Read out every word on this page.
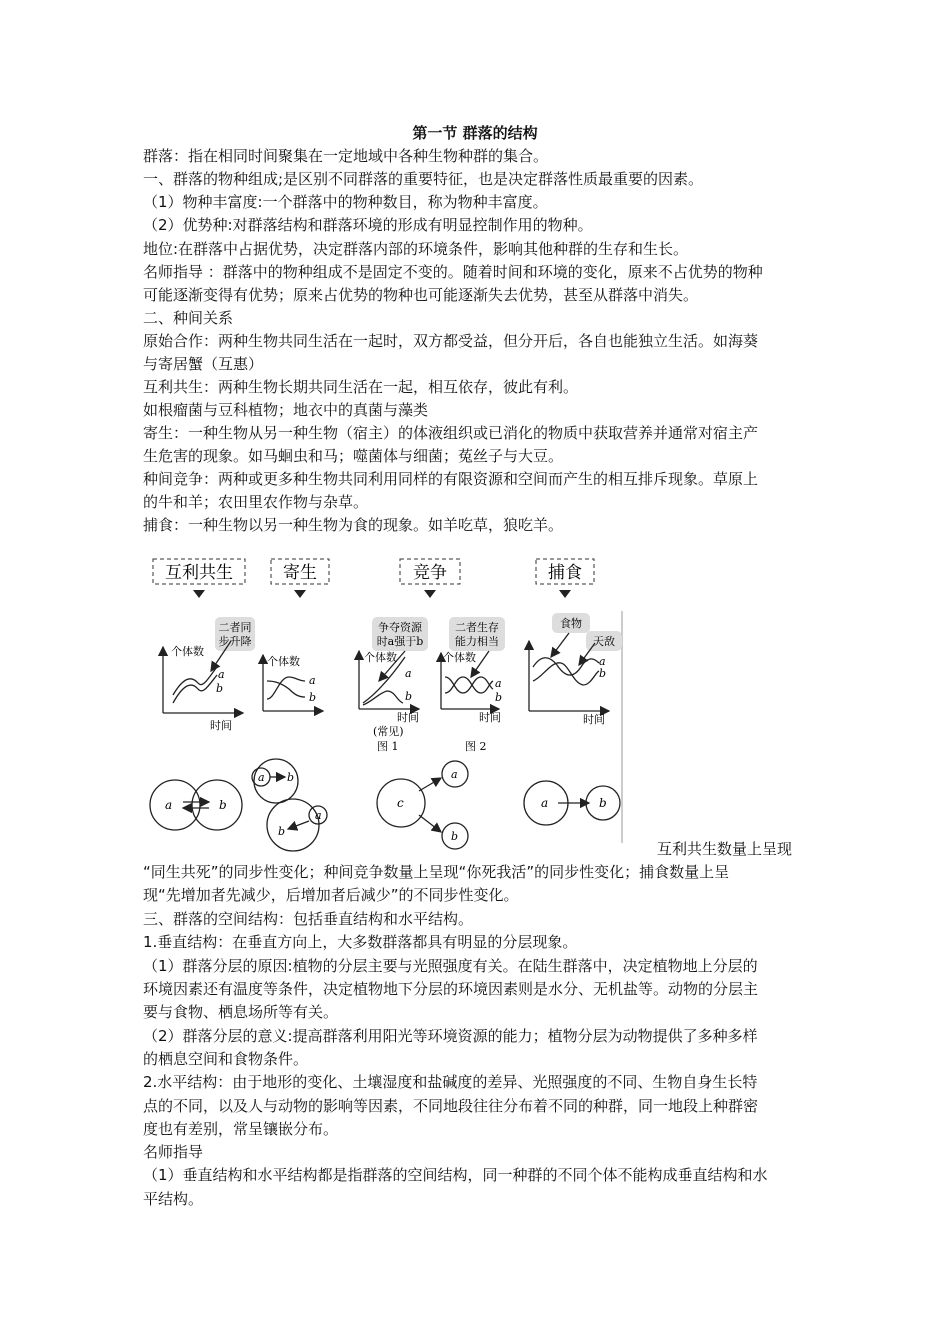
第一节 群落的结构
群落：指在相同时间聚集在一定地域中各种生物种群的集合。
一、群落的物种组成;是区别不同群落的重要特征，也是决定群落性质最重要的因素。
（1）物种丰富度:一个群落中的物种数目，称为物种丰富度。
（2）优势种:对群落结构和群落环境的形成有明显控制作用的物种。
地位:在群落中占据优势，决定群落内部的环境条件，影响其他种群的生存和生长。
名师指导 ：群落中的物种组成不是固定不变的。随着时间和环境的变化，原来不占优势的物种
可能逐渐变得有优势；原来占优势的物种也可能逐渐失去优势，甚至从群落中消失。
二、种间关系
原始合作：两种生物共同生活在一起时，双方都受益，但分开后，各自也能独立生活。如海葵
与寄居蟹（互惠）
互利共生：两种生物长期共同生活在一起，相互依存，彼此有利。
如根瘤菌与豆科植物；地衣中的真菌与藻类
寄生：一种生物从另一种生物（宿主）的体液组织或已消化的物质中获取营养并通常对宿主产
生危害的现象。如马蛔虫和马；噬菌体与细菌；菟丝子与大豆。
种间竞争：两种或更多种生物共同利用同样的有限资源和空间而产生的相互排斥现象。草原上
的牛和羊；农田里农作物与杂草。
捕食：一种生物以另一种生物为食的现象。如羊吃草，狼吃羊。
互利共生	寄生	竞争	捕食
二者同
步升降
争夺资源
时a强于b
二者生存
能力相当
食物
天敌
个体数
时间
a
b
个体数
a
b
个体数
时间
a
b
(常见)
图 1
个体数
时间
a
b
图 2
时间
a
b
a	b
a b
a
b
c
a
b
a	b
互利共生数量上呈现
“同生共死”的同步性变化；种间竞争数量上呈现“你死我活”的同步性变化；捕食数量上呈
现“先增加者先减少，后增加者后减少”的不同步性变化。
三、群落的空间结构：包括垂直结构和水平结构。
1.垂直结构：在垂直方向上，大多数群落都具有明显的分层现象。
（1）群落分层的原因:植物的分层主要与光照强度有关。在陆生群落中，决定植物地上分层的
环境因素还有温度等条件，决定植物地下分层的环境因素则是水分、无机盐等。动物的分层主
要与食物、栖息场所等有关。
（2）群落分层的意义:提高群落利用阳光等环境资源的能力；植物分层为动物提供了多种多样
的栖息空间和食物条件。
2.水平结构：由于地形的变化、土壤湿度和盐碱度的差异、光照强度的不同、生物自身生长特
点的不同，以及人与动物的影响等因素，不同地段往往分布着不同的种群，同一地段上种群密
度也有差别，常呈镶嵌分布。
名师指导
（1）垂直结构和水平结构都是指群落的空间结构，同一种群的不同个体不能构成垂直结构和水
平结构。
